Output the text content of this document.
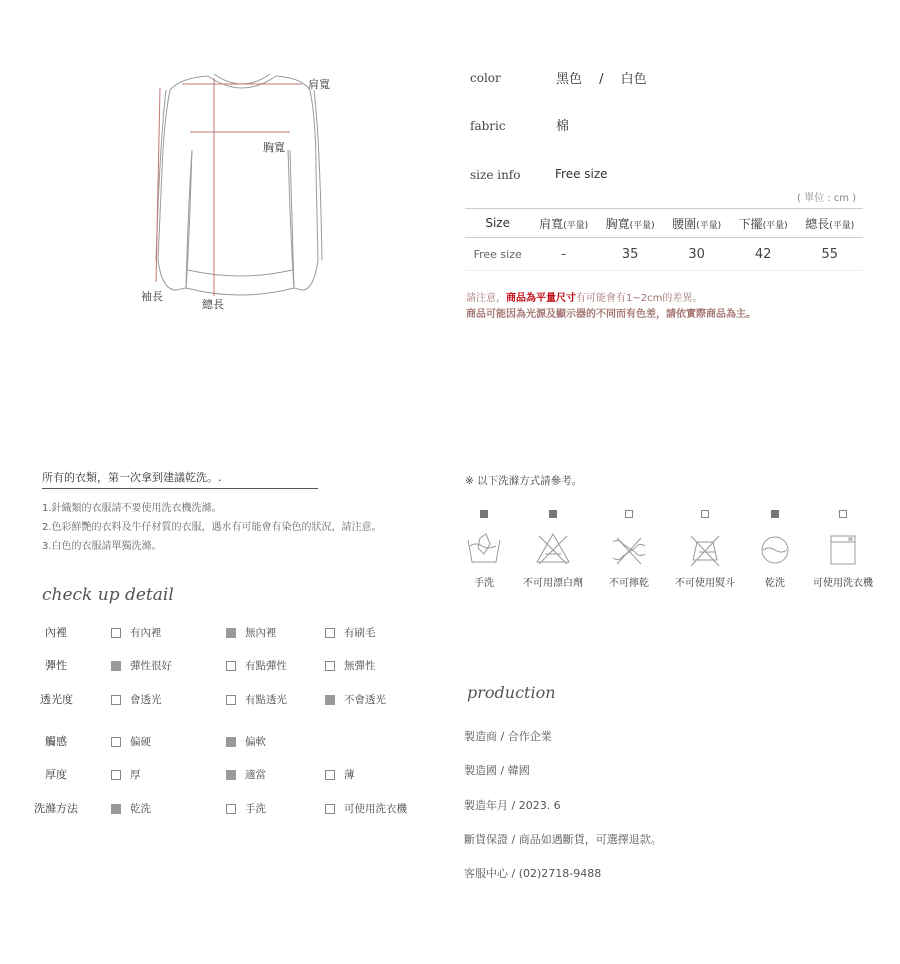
肩寬
胸寬
袖長
總長
color	黑色　 /　 白色
fabric	棉
size info	Free size
( 單位 : cm )
Size	肩寬(平量)	胸寬(平量)	腰圍(平量)	下擺(平量)	總長(平量)
Free size	-	35	30	42	55
請注意，商品為平量尺寸有可能會有1~2cm的差異。
商品可能因為光源及顯示器的不同而有色差，請依實際商品為主。
所有的衣類，第一次拿到建議乾洗。.
1.針織類的衣服請不要使用洗衣機洗滌。
2.色彩鮮艷的衣料及牛仔材質的衣服，遇水有可能會有染色的狀況，請注意。
3.白色的衣服請單獨洗滌。
check up detail
內裡	有內裡	無內裡	有刷毛
彈性	彈性很好	有點彈性	無彈性
透光度	會透光	有點透光	不會透光
觸感	偏硬	偏軟
厚度	厚	適當	薄
洗滌方法	乾洗	手洗	可使用洗衣機
※ 以下洗滌方式請參考。
手洗	不可用漂白劑	不可擰乾	不可使用熨斗	乾洗	可使用洗衣機
production
製造商 / 合作企業
製造國 / 韓國
製造年月 / 2023. 6
斷貨保證 / 商品如遇斷貨，可選擇退款。
客服中心 / (02)2718-9488
